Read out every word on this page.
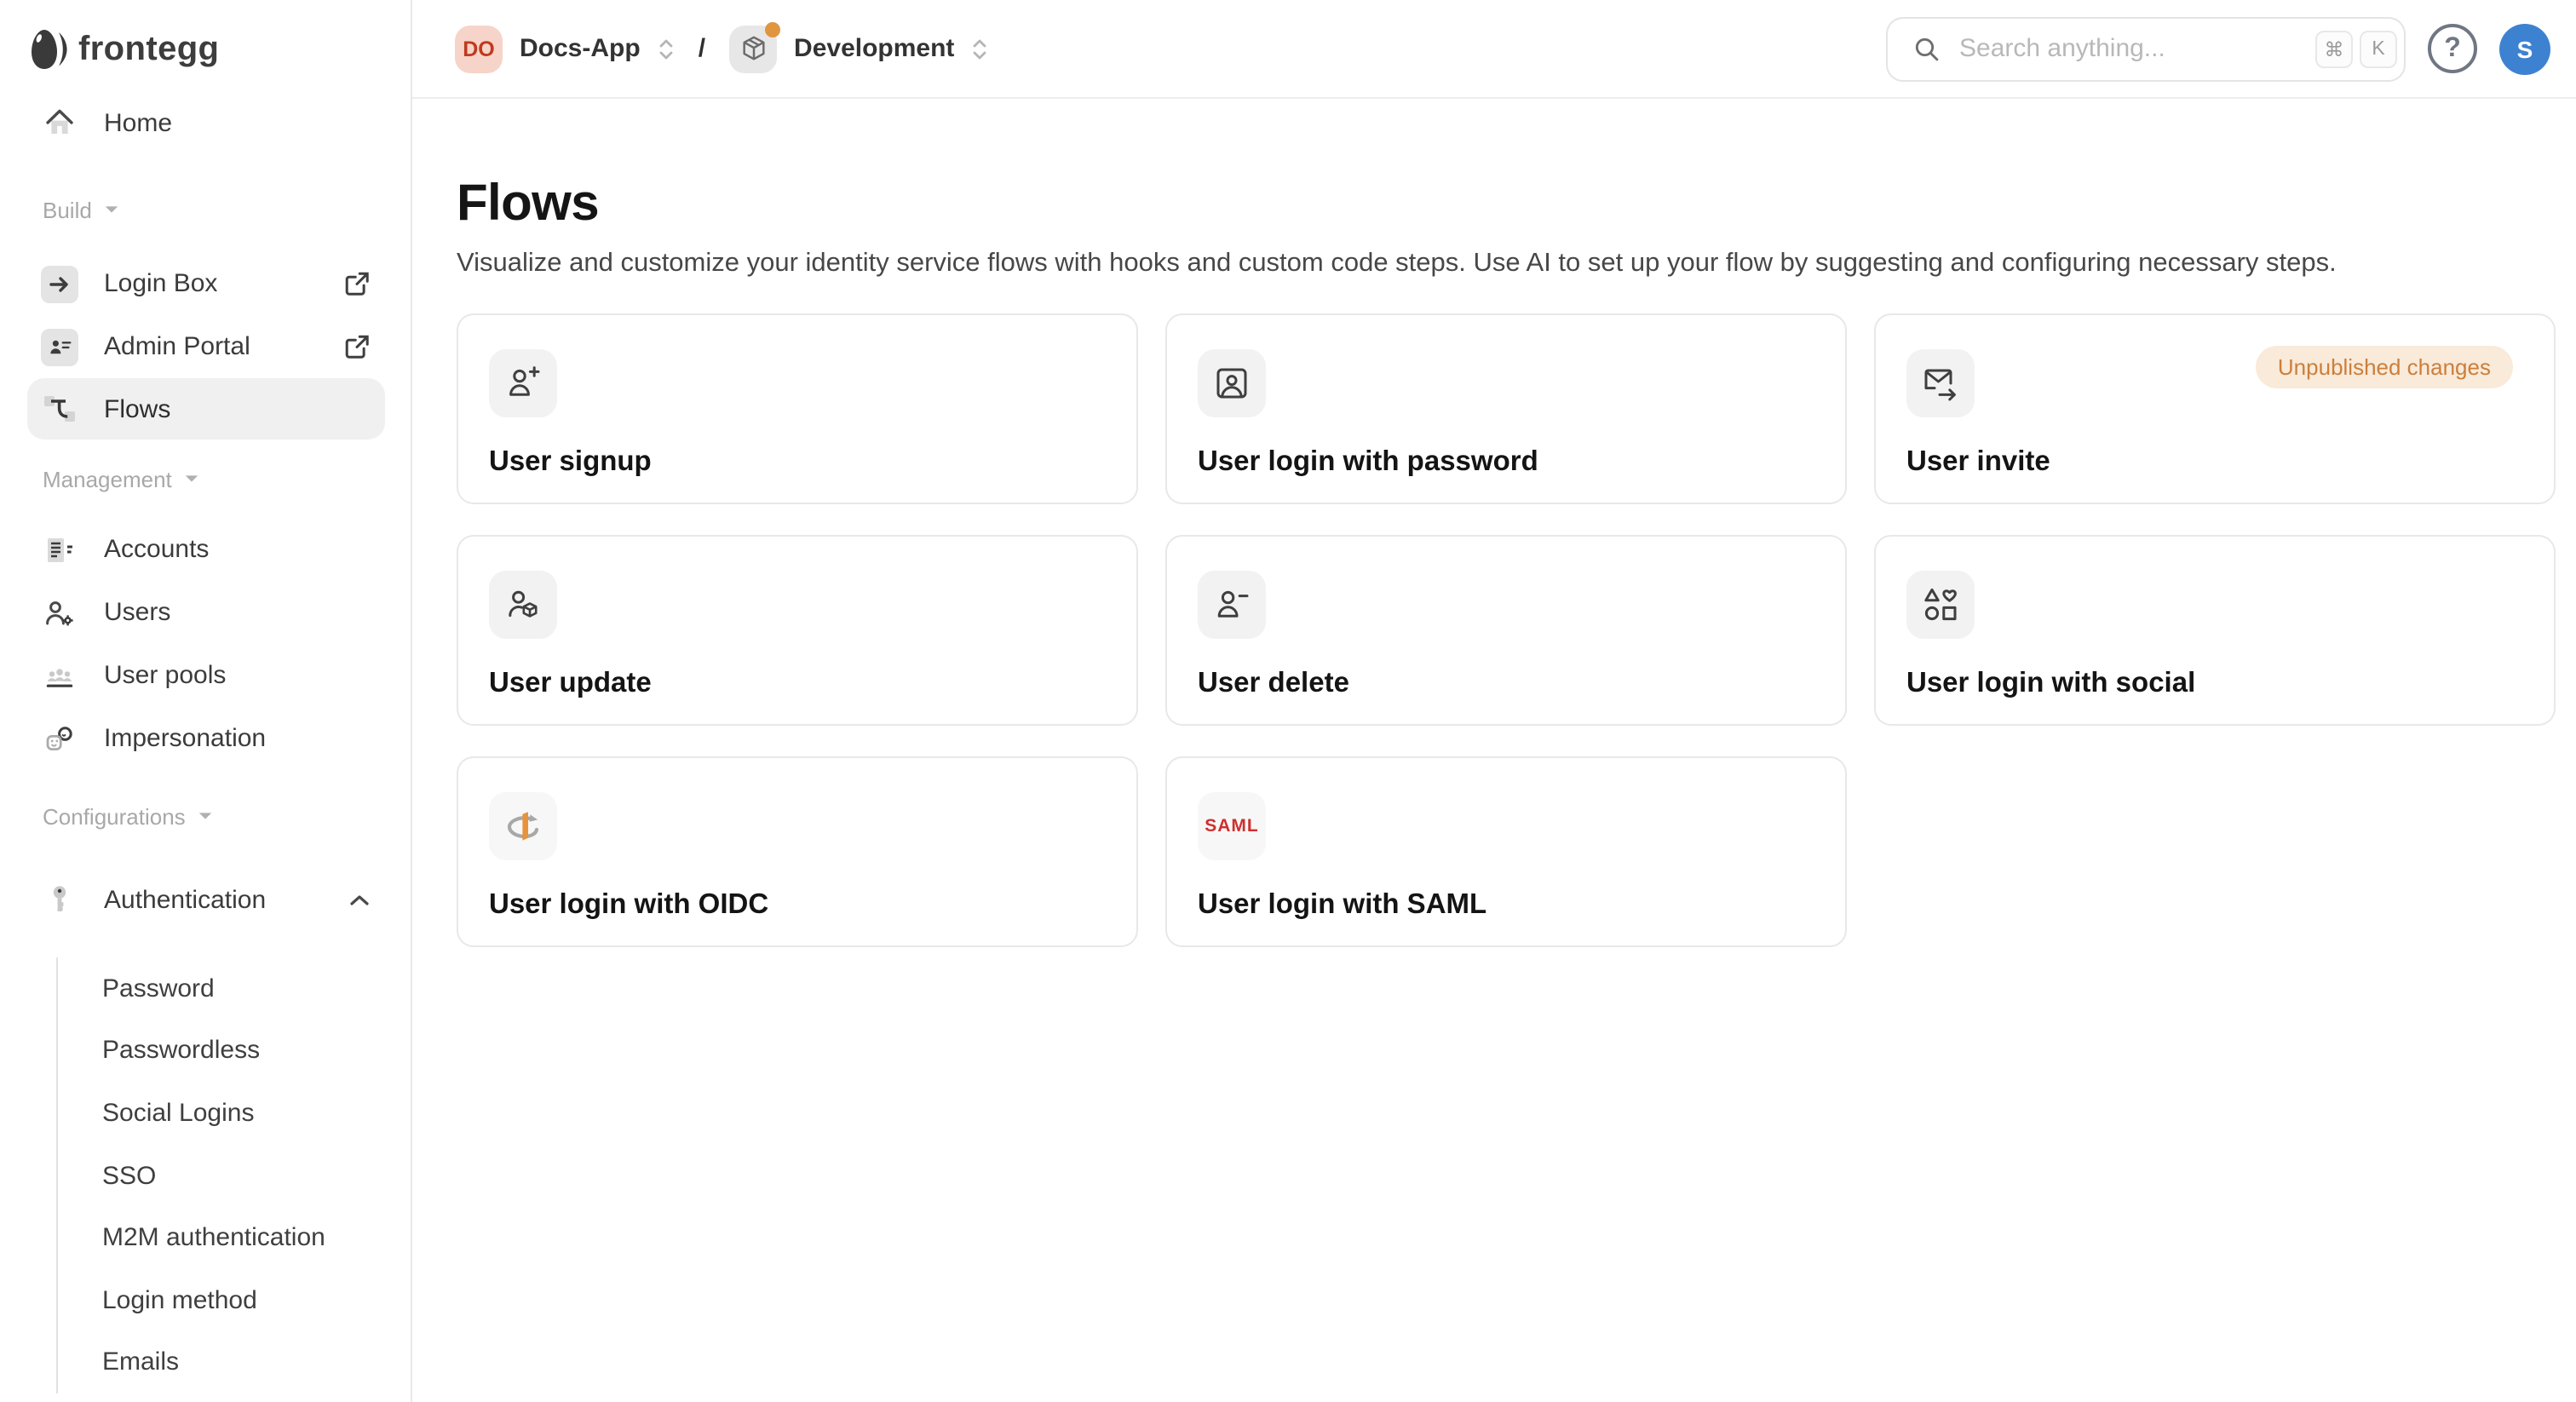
frontegg
Home
Build
Login Box
Admin Portal
Flows
Management
Accounts
Users
User pools
Impersonation
Configurations
Authentication
Password
Passwordless
Social Logins
SSO
M2M authentication
Login method
Emails
DO	Docs-App	/	Development
Search anything...	⌘	K	?	S
Flows

Visualize and customize your identity service flows with hooks and custom code steps. Use AI to set up your flow by suggesting and configuring necessary steps.

User signup	User login with password
Unpublished changes
User invite
User update	User delete	User login with social
User login with OIDC
SAML
User login with SAML
